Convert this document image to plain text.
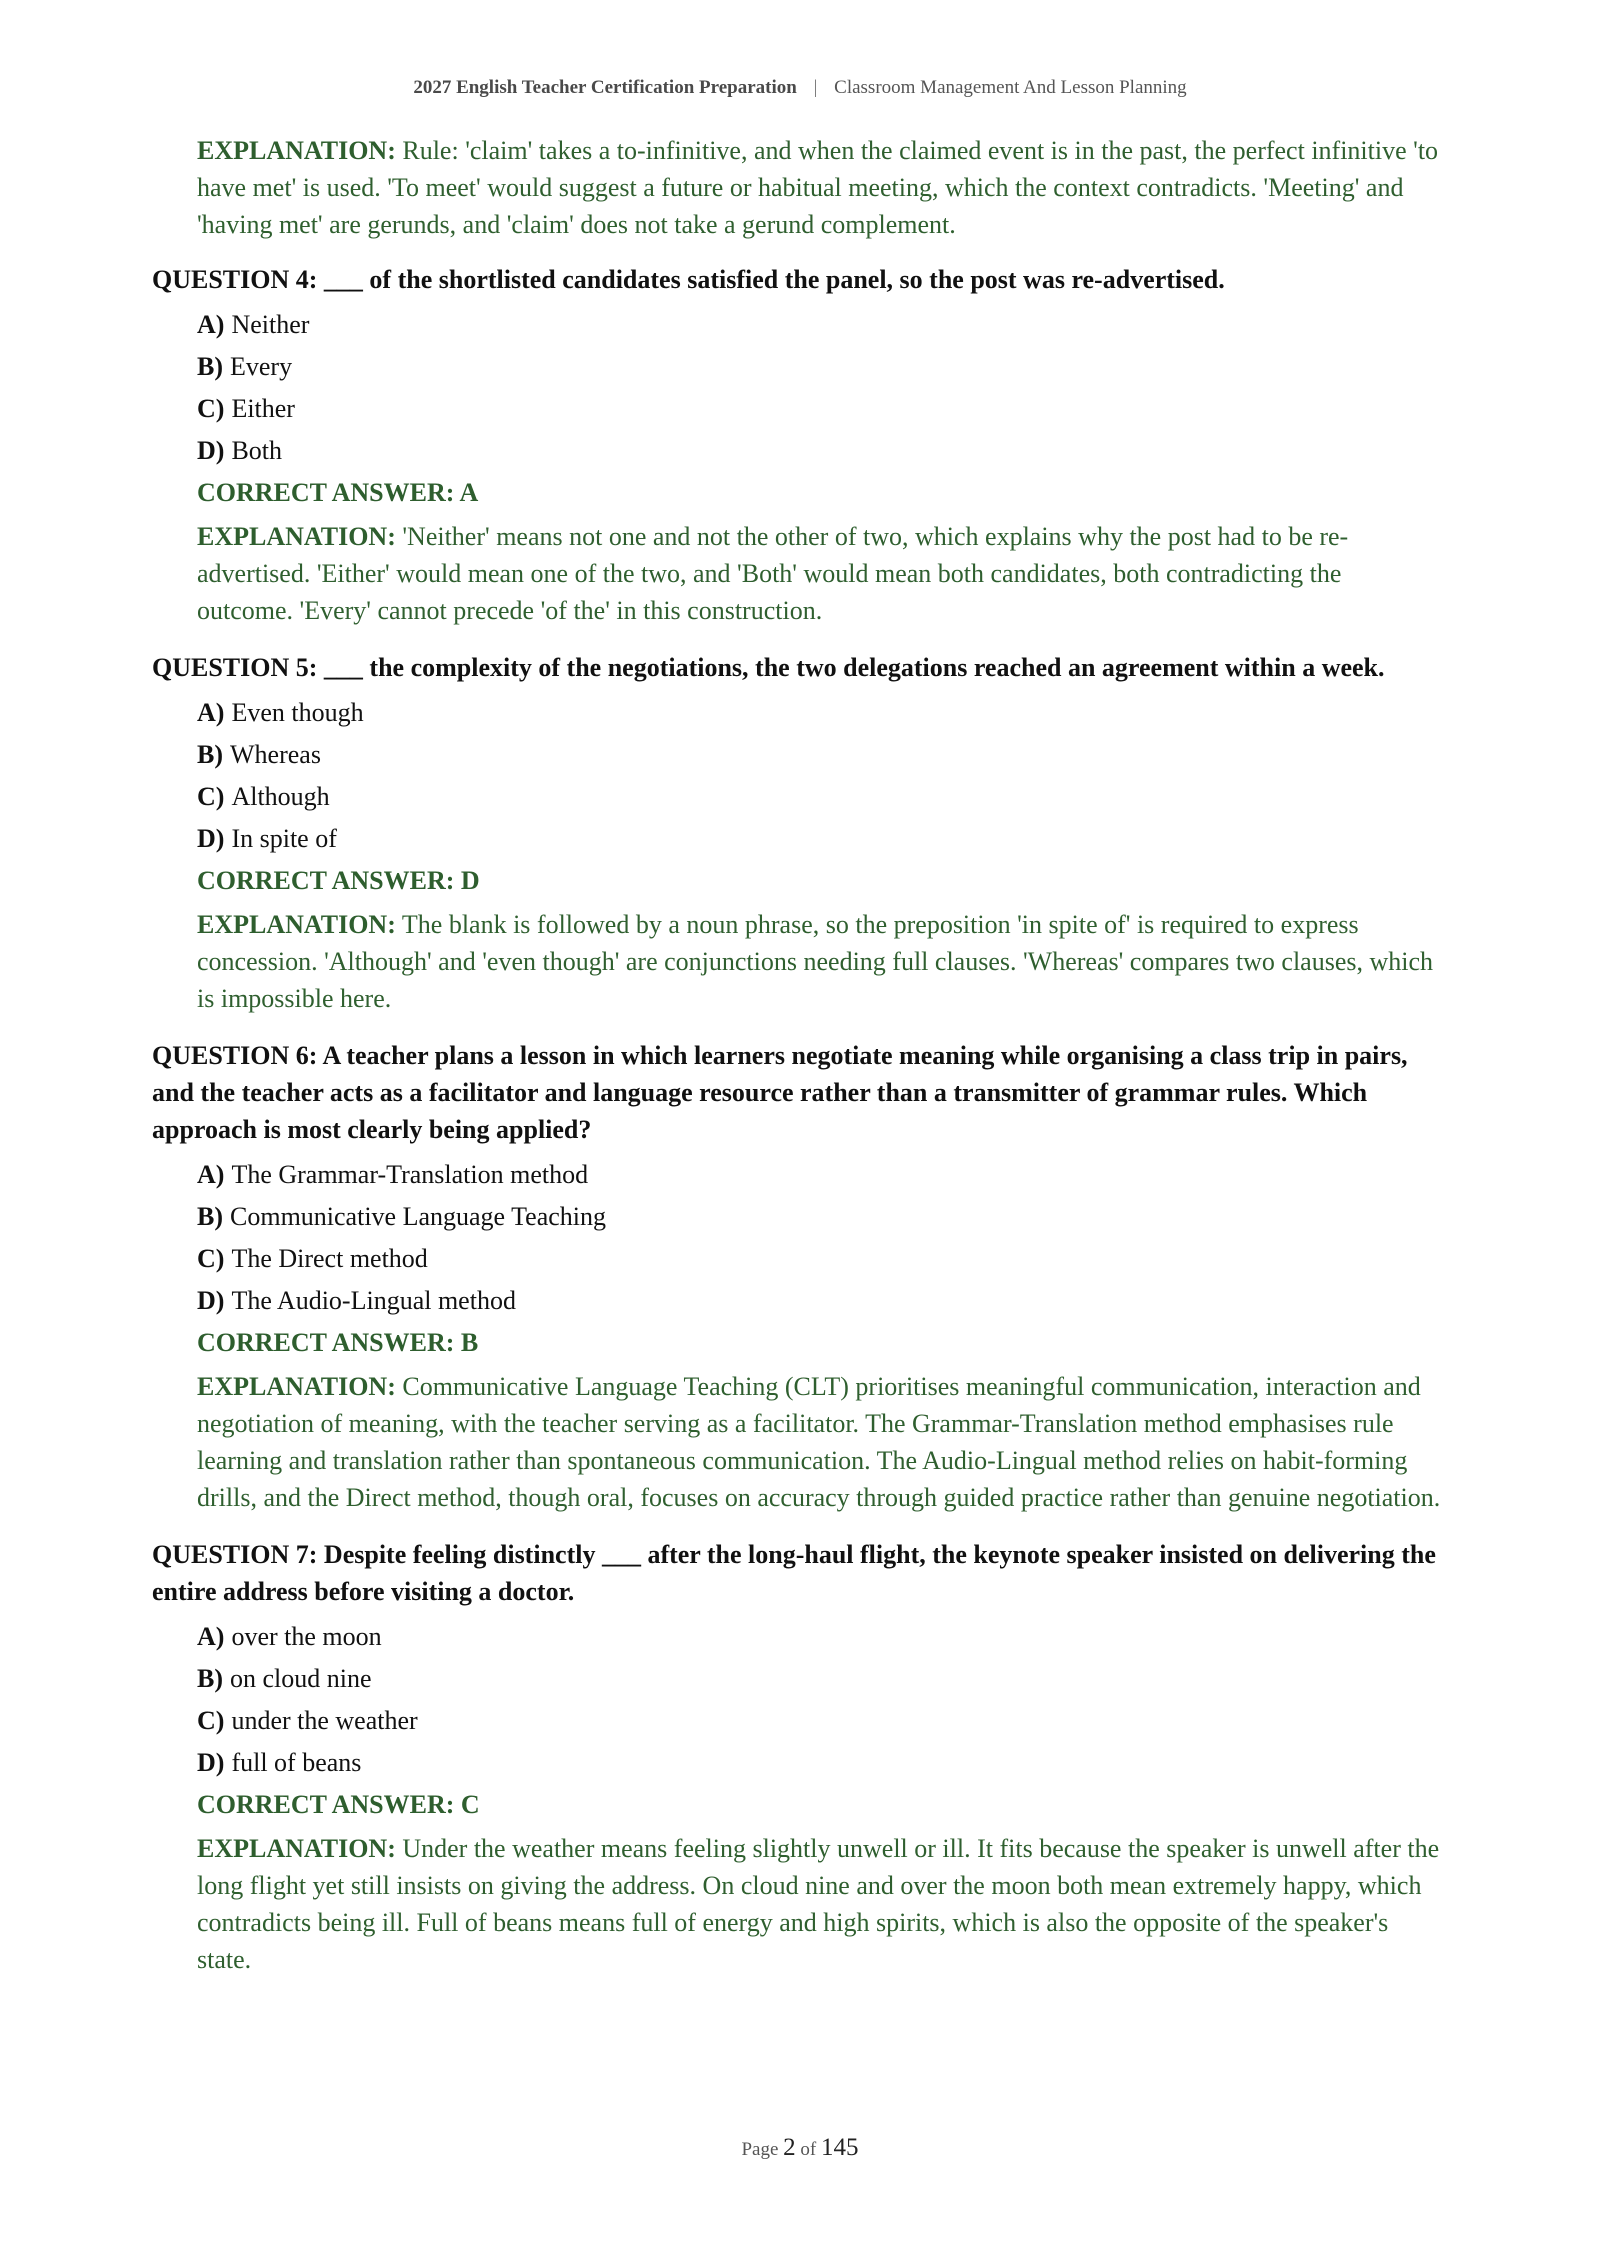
2027 English Teacher Certification Preparation | Classroom Management And Lesson Planning

EXPLANATION: Rule: 'claim' takes a to-infinitive, and when the claimed event is in the past, the perfect infinitive 'to have met' is used. 'To meet' would suggest a future or habitual meeting, which the context contradicts. 'Meeting' and 'having met' are gerunds, and 'claim' does not take a gerund complement.

QUESTION 4: ___ of the shortlisted candidates satisfied the panel, so the post was re-advertised.

A) Neither
B) Every
C) Either
D) Both
CORRECT ANSWER: A

EXPLANATION: 'Neither' means not one and not the other of two, which explains why the post had to be re-advertised. 'Either' would mean one of the two, and 'Both' would mean both candidates, both contradicting the outcome. 'Every' cannot precede 'of the' in this construction.

QUESTION 5: ___ the complexity of the negotiations, the two delegations reached an agreement within a week.

A) Even though
B) Whereas
C) Although
D) In spite of
CORRECT ANSWER: D

EXPLANATION: The blank is followed by a noun phrase, so the preposition 'in spite of' is required to express concession. 'Although' and 'even though' are conjunctions needing full clauses. 'Whereas' compares two clauses, which is impossible here.

QUESTION 6: A teacher plans a lesson in which learners negotiate meaning while organising a class trip in pairs, and the teacher acts as a facilitator and language resource rather than a transmitter of grammar rules. Which approach is most clearly being applied?

A) The Grammar-Translation method
B) Communicative Language Teaching
C) The Direct method
D) The Audio-Lingual method
CORRECT ANSWER: B

EXPLANATION: Communicative Language Teaching (CLT) prioritises meaningful communication, interaction and negotiation of meaning, with the teacher serving as a facilitator. The Grammar-Translation method emphasises rule learning and translation rather than spontaneous communication. The Audio-Lingual method relies on habit-forming drills, and the Direct method, though oral, focuses on accuracy through guided practice rather than genuine negotiation.

QUESTION 7: Despite feeling distinctly ___ after the long-haul flight, the keynote speaker insisted on delivering the entire address before visiting a doctor.

A) over the moon
B) on cloud nine
C) under the weather
D) full of beans
CORRECT ANSWER: C

EXPLANATION: Under the weather means feeling slightly unwell or ill. It fits because the speaker is unwell after the long flight yet still insists on giving the address. On cloud nine and over the moon both mean extremely happy, which contradicts being ill. Full of beans means full of energy and high spirits, which is also the opposite of the speaker's state.

Page 2 of 145
